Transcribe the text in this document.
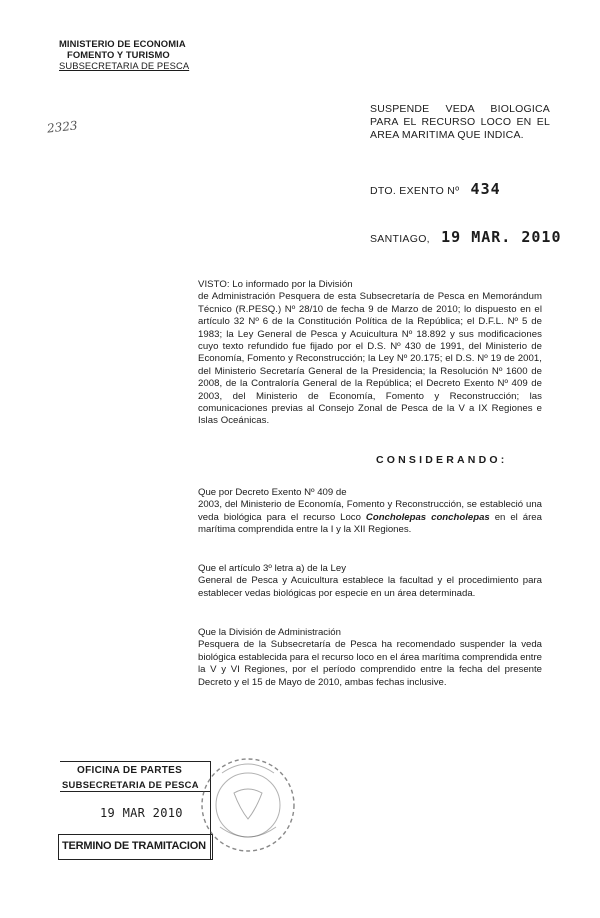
MINISTERIO DE ECONOMIA
FOMENTO Y TURISMO
SUBSECRETARIA DE PESCA
2323
SUSPENDE VEDA BIOLOGICA
PARA EL RECURSO LOCO EN EL
AREA MARITIMA QUE INDICA.
DTO. EXENTO Nº 434
SANTIAGO, 19 MAR. 2010
VISTO: Lo informado por la División
de Administración Pesquera de esta Subsecretaría de Pesca en Memorándum Técnico (R.PESQ.) Nº 28/10 de fecha 9 de Marzo de 2010; lo dispuesto en el artículo 32 Nº 6 de la Constitución Política de la República; el D.F.L. Nº 5 de 1983; la Ley General de Pesca y Acuicultura Nº 18.892 y sus modificaciones cuyo texto refundido fue fijado por el D.S. Nº 430 de 1991, del Ministerio de Economía, Fomento y Reconstrucción; la Ley Nº 20.175; el D.S. Nº 19 de 2001, del Ministerio Secretaría General de la Presidencia; la Resolución Nº 1600 de 2008, de la Contraloría General de la República; el Decreto Exento Nº 409 de 2003, del Ministerio de Economía, Fomento y Reconstrucción; las comunicaciones previas al Consejo Zonal de Pesca de la V a IX Regiones e Islas Oceánicas.
CONSIDERANDO:
Que por Decreto Exento Nº 409 de
2003, del Ministerio de Economía, Fomento y Reconstrucción, se estableció una veda biológica para el recurso Loco Concholepas concholepas en el área marítima comprendida entre la I y la XII Regiones.
Que el artículo 3º letra a) de la Ley
General de Pesca y Acuicultura establece la facultad y el procedimiento para establecer vedas biológicas por especie en un área determinada.
Que la División de Administración
Pesquera de la Subsecretaría de Pesca ha recomendado suspender la veda biológica establecida para el recurso loco en el área marítima comprendida entre la V y VI Regiones, por el período comprendido entre la fecha del presente Decreto y el 15 de Mayo de 2010, ambas fechas inclusive.
OFICINA DE PARTES
SUBSECRETARIA DE PESCA
19 MAR 2010
TERMINO DE TRAMITACION
